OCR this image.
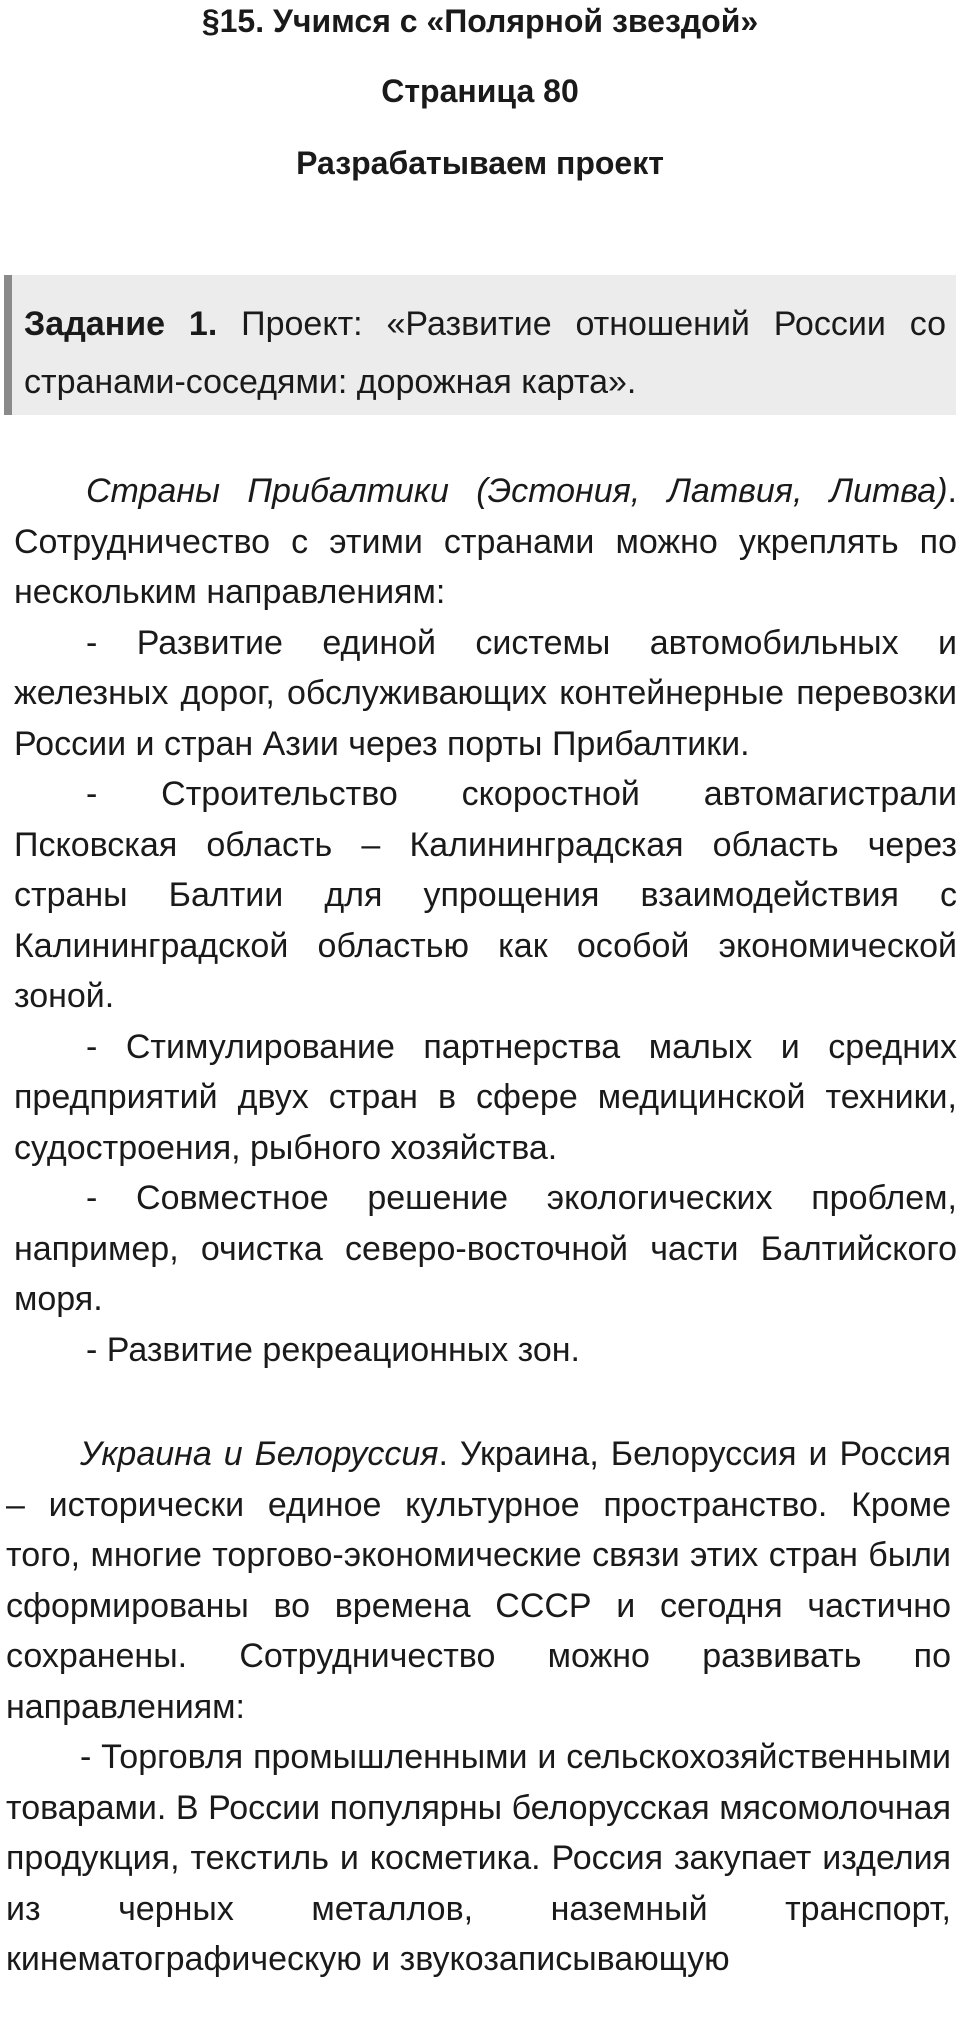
§15. Учимся с «Полярной звездой»
Страница 80
Разрабатываем проект
Задание 1. Проект: «Развитие отношений России со странами-соседями: дорожная карта».

Страны Прибалтики (Эстония, Латвия, Литва). Сотрудничество с этими странами можно укреплять по нескольким направлениям:

- Развитие единой системы автомобильных и железных дорог, обслуживающих контейнерные перевозки России и стран Азии через порты Прибалтики.

- Строительство скоростной автомагистрали Псковская область – Калининградская область через страны Балтии для упрощения взаимодействия с Калининградской областью как особой экономической зоной.

- Стимулирование партнерства малых и средних предприятий двух стран в сфере медицинской техники, судостроения, рыбного хозяйства.

- Совместное решение экологических проблем, например, очистка северо-восточной части Балтийского моря.

- Развитие рекреационных зон.

Украина и Белоруссия. Украина, Белоруссия и Россия – исторически единое культурное пространство. Кроме того, многие торгово-экономические связи этих стран были сформированы во времена СССР и сегодня частично сохранены. Сотрудничество можно развивать по направлениям:

- Торговля промышленными и сельскохозяйственными товарами. В России популярны белорусская мясомолочная продукция, текстиль и косметика. Россия закупает изделия из черных металлов, наземный транспорт, кинематографическую и звукозаписывающую
